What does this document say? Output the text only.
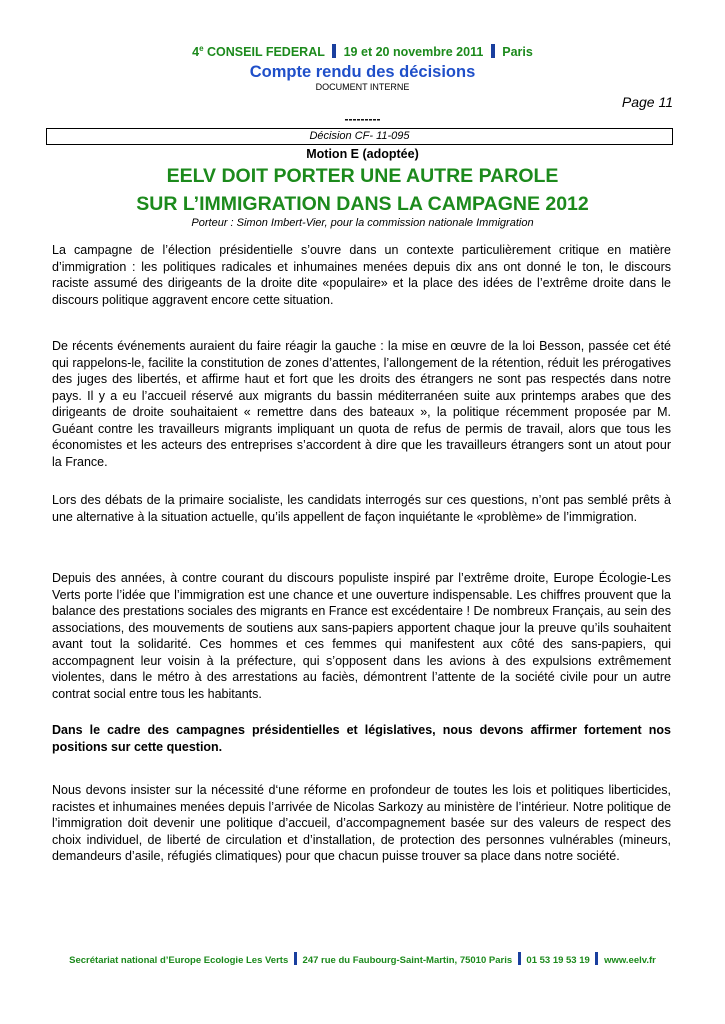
4e CONSEIL FEDERAL 19 et 20 novembre 2011 Paris
Compte rendu des décisions
DOCUMENT INTERNE
Page 11
---------
Décision CF- 11-095
Motion E (adoptée)
EELV DOIT PORTER UNE AUTRE PAROLE
SUR L’IMMIGRATION DANS LA CAMPAGNE 2012
Porteur : Simon Imbert-Vier, pour la commission nationale Immigration

La campagne de l’élection présidentielle s’ouvre dans un contexte particulièrement critique en matière d’immigration : les politiques radicales et inhumaines menées depuis dix ans ont donné le ton, le discours raciste assumé des dirigeants de la droite dite «populaire» et la place des idées de l’extrême droite dans le discours politique aggravent encore cette situation.

De récents événements auraient du faire réagir la gauche : la mise en œuvre de la loi Besson, passée cet été qui rappelons-le, facilite la constitution de zones d’attentes, l’allongement de la rétention, réduit les prérogatives des juges des libertés, et affirme haut et fort que les droits des étrangers ne sont pas respectés dans notre pays. Il y a eu l’accueil réservé aux migrants du bassin méditerranéen suite aux printemps arabes que des dirigeants de droite souhaitaient « remettre dans des bateaux », la politique récemment proposée par M. Guéant contre les travailleurs migrants impliquant un quota de refus de permis de travail, alors que tous les économistes et les acteurs des entreprises s’accordent à dire que les travailleurs étrangers sont un atout pour la France.

Lors des débats de la primaire socialiste, les candidats interrogés sur ces questions, n’ont pas semblé prêts à une alternative à la situation actuelle, qu’ils appellent de façon inquiétante le «problème» de l’immigration.

Depuis des années, à contre courant du discours populiste inspiré par l’extrême droite, Europe Écologie-Les Verts porte l’idée que l’immigration est une chance et une ouverture indispensable. Les chiffres prouvent que la balance des prestations sociales des migrants en France est excédentaire ! De nombreux Français, au sein des associations, des mouvements de soutiens aux sans-papiers apportent chaque jour la preuve qu’ils souhaitent avant tout la solidarité. Ces hommes et ces femmes qui manifestent aux côté des sans-papiers, qui accompagnent leur voisin à la préfecture, qui s’opposent dans les avions à des expulsions extrêmement violentes, dans le métro à des arrestations au faciès, démontrent l’attente de la société civile pour un autre contrat social entre tous les habitants.

Dans le cadre des campagnes présidentielles et législatives, nous devons affirmer fortement nos positions sur cette question.

Nous devons insister sur la nécessité d‘une réforme en profondeur de toutes les lois et politiques liberticides, racistes et inhumaines menées depuis l’arrivée de Nicolas Sarkozy au ministère de l’intérieur. Notre politique de l’immigration doit devenir une politique d’accueil, d’accompagnement basée sur des valeurs de respect des choix individuel, de liberté de circulation et d’installation, de protection des personnes vulnérables (mineurs, demandeurs d’asile, réfugiés climatiques) pour que chacun puisse trouver sa place dans notre société.

Secrétariat national d’Europe Ecologie Les Verts 247 rue du Faubourg-Saint-Martin, 75010 Paris 01 53 19 53 19 www.eelv.fr
